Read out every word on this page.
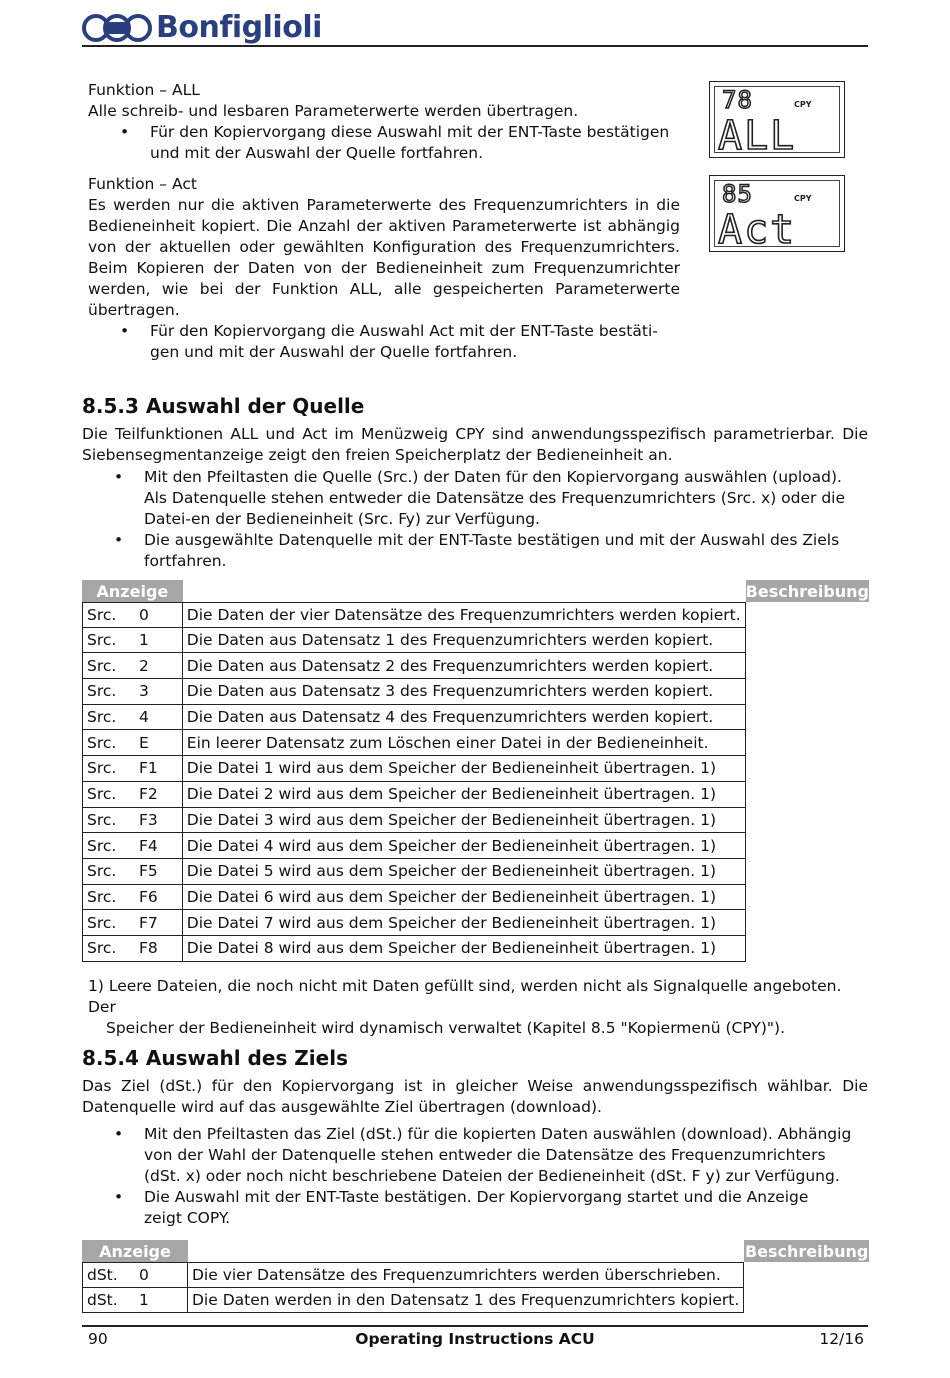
Bonfiglioli
Funktion – ALL
Alle schreib- und lesbaren Parameterwerte werden übertragen.
• Für den Kopiervorgang diese Auswahl mit der ENT-Taste bestätigen
und mit der Auswahl der Quelle fortfahren.
Funktion – Act
Es werden nur die aktiven Parameterwerte des Frequenzumrichters in die Bedieneinheit kopiert. Die Anzahl der aktiven Parameterwerte ist abhängig von der aktuellen oder gewählten Konfiguration des Frequenzumrichters. Beim Kopieren der Daten von der Bedieneinheit zum Frequenzumrichter werden, wie bei der Funktion ALL, alle gespeicherten Parameterwerte übertragen.
• Für den Kopiervorgang die Auswahl Act mit der ENT-Taste bestäti-
gen und mit der Auswahl der Quelle fortfahren.
78
ALL
CPY
85
Act
CPY
8.5.3 Auswahl der Quelle
Die Teilfunktionen ALL und Act im Menüzweig CPY sind anwendungsspezifisch parametrierbar. Die Siebensegmentanzeige zeigt den freien Speicherplatz der Bedieneinheit an.
• Mit den Pfeiltasten die Quelle (Src.) der Daten für den Kopiervorgang auswählen (upload). Als Datenquelle stehen entweder die Datensätze des Frequenzumrichters (Src. x) oder die Datei-en der Bedieneinheit (Src. Fy) zur Verfügung.
• Die ausgewählte Datenquelle mit der ENT-Taste bestätigen und mit der Auswahl des Ziels fortfahren.
Anzeige		Beschreibung
Src. 0	Die Daten der vier Datensätze des Frequenzumrichters werden kopiert.	
Src. 1	Die Daten aus Datensatz 1 des Frequenzumrichters werden kopiert.	
Src. 2	Die Daten aus Datensatz 2 des Frequenzumrichters werden kopiert.	
Src. 3	Die Daten aus Datensatz 3 des Frequenzumrichters werden kopiert.	
Src. 4	Die Daten aus Datensatz 4 des Frequenzumrichters werden kopiert.	
Src. E	Ein leerer Datensatz zum Löschen einer Datei in der Bedieneinheit.	
Src. F1	Die Datei 1 wird aus dem Speicher der Bedieneinheit übertragen. 1)	
Src. F2	Die Datei 2 wird aus dem Speicher der Bedieneinheit übertragen. 1)	
Src. F3	Die Datei 3 wird aus dem Speicher der Bedieneinheit übertragen. 1)	
Src. F4	Die Datei 4 wird aus dem Speicher der Bedieneinheit übertragen. 1)	
Src. F5	Die Datei 5 wird aus dem Speicher der Bedieneinheit übertragen. 1)	
Src. F6	Die Datei 6 wird aus dem Speicher der Bedieneinheit übertragen. 1)	
Src. F7	Die Datei 7 wird aus dem Speicher der Bedieneinheit übertragen. 1)	
Src. F8	Die Datei 8 wird aus dem Speicher der Bedieneinheit übertragen. 1)	
1) Leere Dateien, die noch nicht mit Daten gefüllt sind, werden nicht als Signalquelle angeboten. Der
Speicher der Bedieneinheit wird dynamisch verwaltet (Kapitel 8.5 "Kopiermenü (CPY)").
8.5.4 Auswahl des Ziels
Das Ziel (dSt.) für den Kopiervorgang ist in gleicher Weise anwendungsspezifisch wählbar. Die Datenquelle wird auf das ausgewählte Ziel übertragen (download).
• Mit den Pfeiltasten das Ziel (dSt.) für die kopierten Daten auswählen (download). Abhängig von der Wahl der Datenquelle stehen entweder die Datensätze des Frequenzumrichters (dSt. x) oder noch nicht beschriebene Dateien der Bedieneinheit (dSt. F y) zur Verfügung.
• Die Auswahl mit der ENT-Taste bestätigen. Der Kopiervorgang startet und die Anzeige zeigt COPY.
Anzeige		Beschreibung
dSt. 0	Die vier Datensätze des Frequenzumrichters werden überschrieben.	
dSt. 1	Die Daten werden in den Datensatz 1 des Frequenzumrichters kopiert.	
90	Operating Instructions ACU	12/16
